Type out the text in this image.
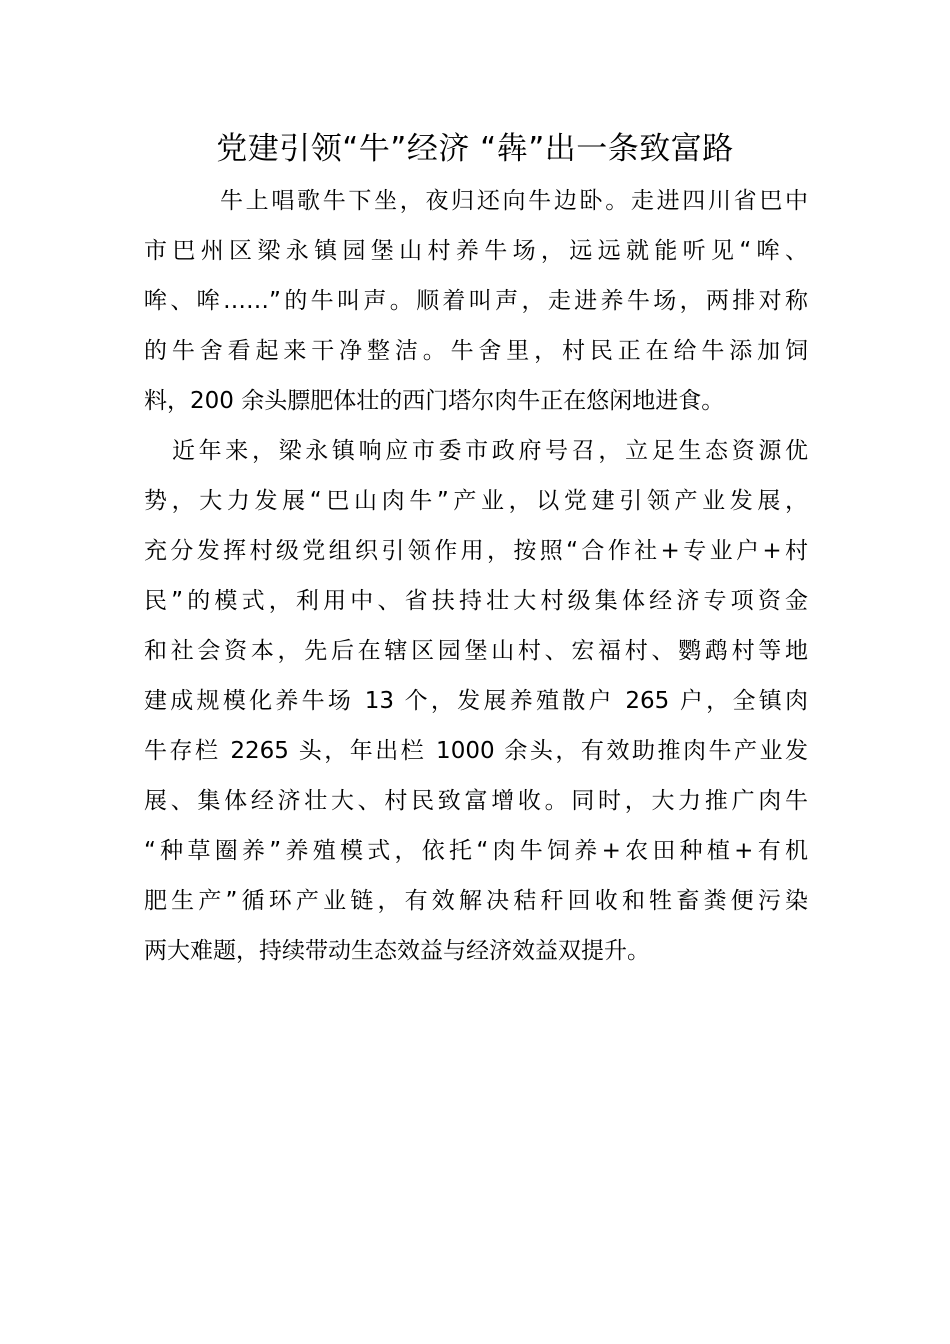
党建引领“牛”经济 “犇”出一条致富路
牛上唱歌牛下坐，夜归还向牛边卧。走进四川省巴中
市巴州区梁永镇园堡山村养牛场，远远就能听见“哞、
哞、哞……”的牛叫声。顺着叫声，走进养牛场，两排对称
的牛舍看起来干净整洁。牛舍里，村民正在给牛添加饲
料，200 余头膘肥体壮的西门塔尔肉牛正在悠闲地进食。
近年来，梁永镇响应市委市政府号召，立足生态资源优
势，大力发展“巴山肉牛”产业，以党建引领产业发展，
充分发挥村级党组织引领作用，按照“合作社+专业户+村
民”的模式，利用中、省扶持壮大村级集体经济专项资金
和社会资本，先后在辖区园堡山村、宏福村、鹦鹉村等地
建成规模化养牛场 13 个，发展养殖散户 265 户，全镇肉
牛存栏 2265 头，年出栏 1000 余头，有效助推肉牛产业发
展、集体经济壮大、村民致富增收。同时，大力推广肉牛
“种草圈养”养殖模式，依托“肉牛饲养+农田种植+有机
肥生产”循环产业链，有效解决秸秆回收和牲畜粪便污染
两大难题，持续带动生态效益与经济效益双提升。
